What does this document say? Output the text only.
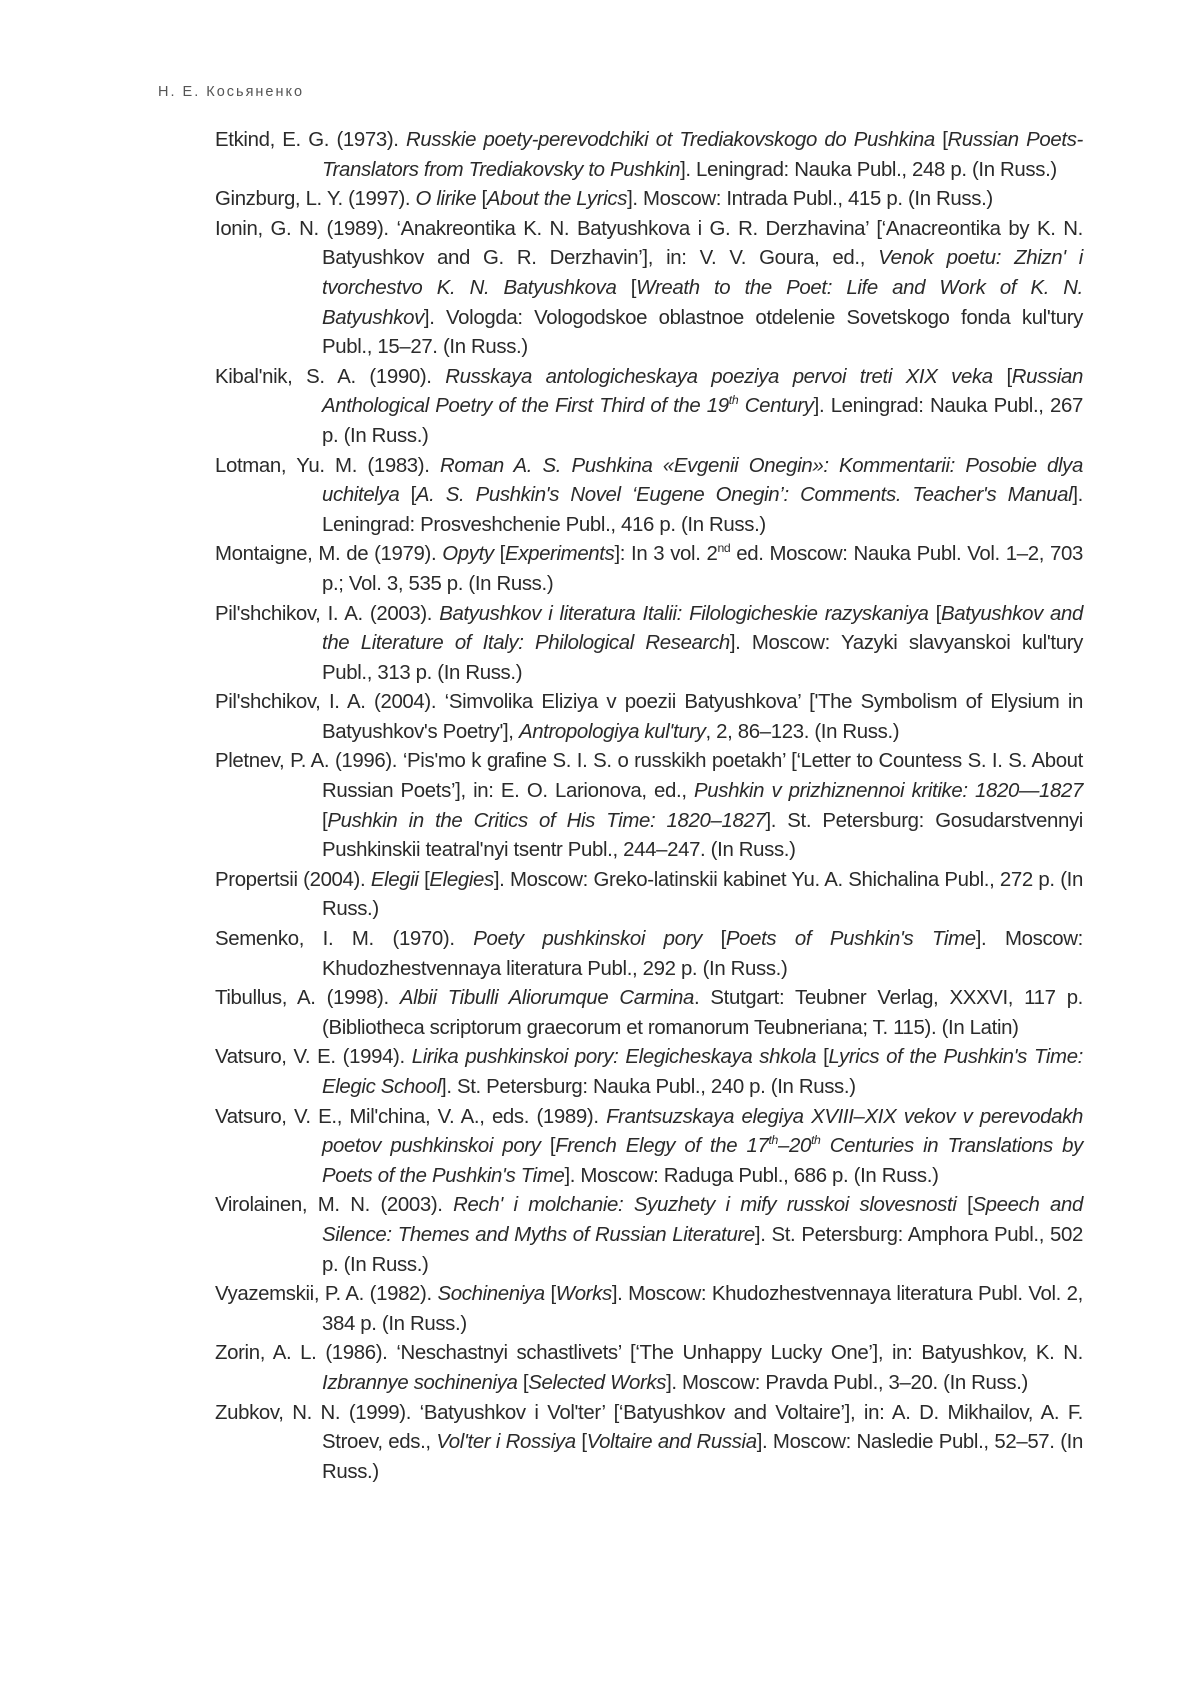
Н. Е. Косьяненко

Etkind, E. G. (1973). Russkie poety-perevodchiki ot Trediakovskogo do Pushkina [Russian Poets-Translators from Trediakovsky to Pushkin]. Leningrad: Nauka Publ., 248 p. (In Russ.)

Ginzburg, L. Y. (1997). O lirike [About the Lyrics]. Moscow: Intrada Publ., 415 p. (In Russ.)

Ionin, G. N. (1989). ‘Anakreontika K. N. Batyushkova i G. R. Derzhavina’ [‘Anacreontika by K. N. Batyushkov and G. R. Derzhavin’], in: V. V. Goura, ed., Venok poetu: Zhizn' i tvorchestvo K. N. Batyushkova [Wreath to the Poet: Life and Work of K. N. Batyushkov]. Vologda: Vologodskoe oblastnoe otdelenie Sovetskogo fonda kul'tury Publ., 15–27. (In Russ.)

Kibal'nik, S. A. (1990). Russkaya antologicheskaya poeziya pervoi treti XIX veka [Russian Anthological Poetry of the First Third of the 19th Century]. Leningrad: Nauka Publ., 267 p. (In Russ.)

Lotman, Yu. M. (1983). Roman A. S. Pushkina «Evgenii Onegin»: Kommentarii: Posobie dlya uchitelya [A. S. Pushkin's Novel ‘Eugene Onegin’: Comments. Teacher's Manual]. Leningrad: Prosveshchenie Publ., 416 p. (In Russ.)

Montaigne, M. de (1979). Opyty [Experiments]: In 3 vol. 2nd ed. Moscow: Nauka Publ. Vol. 1–2, 703 p.; Vol. 3, 535 p. (In Russ.)

Pil'shchikov, I. A. (2003). Batyushkov i literatura Italii: Filologicheskie razyskaniya [Batyushkov and the Literature of Italy: Philological Research]. Moscow: Yazyki slavyanskoi kul'tury Publ., 313 p. (In Russ.)

Pil'shchikov, I. A. (2004). ‘Simvolika Eliziya v poezii Batyushkova’ ['The Symbolism of Elysium in Batyushkov's Poetry'], Antropologiya kul'tury, 2, 86–123. (In Russ.)

Pletnev, P. A. (1996). ‘Pis'mo k grafine S. I. S. o russkikh poetakh’ [‘Letter to Countess S. I. S. About Russian Poets’], in: E. O. Larionova, ed., Pushkin v prizhiznennoi kritike: 1820—1827 [Pushkin in the Critics of His Time: 1820–1827]. St. Petersburg: Gosudarstvennyi Pushkinskii teatral'nyi tsentr Publ., 244–247. (In Russ.)

Propertsii (2004). Elegii [Elegies]. Moscow: Greko-latinskii kabinet Yu. A. Shichalina Publ., 272 p. (In Russ.)

Semenko, I. M. (1970). Poety pushkinskoi pory [Poets of Pushkin's Time]. Moscow: Khudozhestvennaya literatura Publ., 292 p. (In Russ.)

Tibullus, A. (1998). Albii Tibulli Aliorumque Carmina. Stutgart: Teubner Verlag, XXXVI, 117 p. (Bibliotheca scriptorum graecorum et romanorum Teubneriana; T. 115). (In Latin)

Vatsuro, V. E. (1994). Lirika pushkinskoi pory: Elegicheskaya shkola [Lyrics of the Pushkin's Time: Elegic School]. St. Petersburg: Nauka Publ., 240 p. (In Russ.)

Vatsuro, V. E., Mil'china, V. A., eds. (1989). Frantsuzskaya elegiya XVIII–XIX vekov v perevodakh poetov pushkinskoi pory [French Elegy of the 17th–20th Centuries in Translations by Poets of the Pushkin's Time]. Moscow: Raduga Publ., 686 p. (In Russ.)

Virolainen, M. N. (2003). Rech' i molchanie: Syuzhety i mify russkoi slovesnosti [Speech and Silence: Themes and Myths of Russian Literature]. St. Petersburg: Amphora Publ., 502 p. (In Russ.)

Vyazemskii, P. A. (1982). Sochineniya [Works]. Moscow: Khudozhestvennaya literatura Publ. Vol. 2, 384 p. (In Russ.)

Zorin, A. L. (1986). ‘Neschastnyi schastlivets’ [‘The Unhappy Lucky One’], in: Batyushkov, K. N. Izbrannye sochineniya [Selected Works]. Moscow: Pravda Publ., 3–20. (In Russ.)

Zubkov, N. N. (1999). ‘Batyushkov i Vol'ter’ [‘Batyushkov and Voltaire’], in: A. D. Mikhailov, A. F. Stroev, eds., Vol'ter i Rossiya [Voltaire and Russia]. Moscow: Nasledie Publ., 52–57. (In Russ.)
